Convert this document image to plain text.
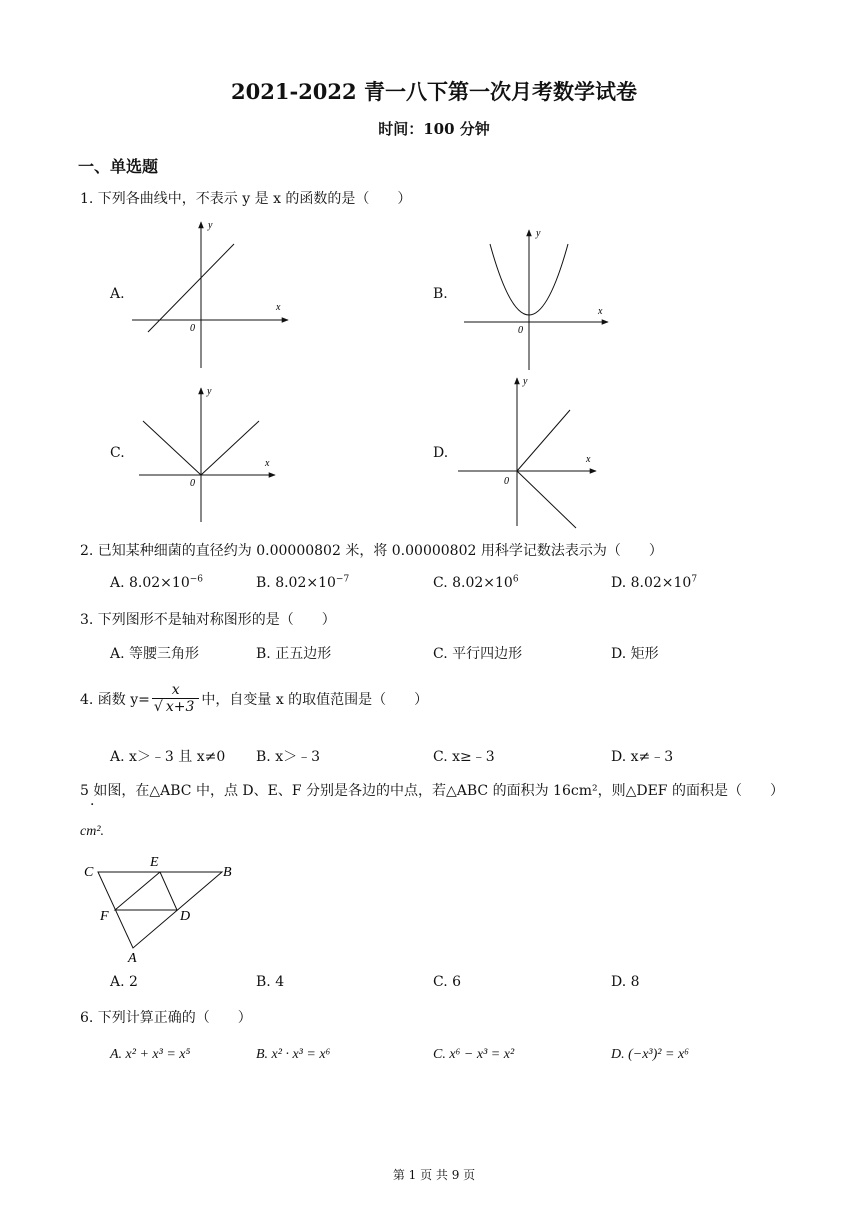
2021-2022 青一八下第一次月考数学试卷
时间：100 分钟
一、单选题
1. 下列各曲线中，不表示 y 是 x 的函数的是（　　）
A.
y
x
0
B.
y
x
0
C.
y
x
0
D.
y
x
0
2. 已知某种细菌的直径约为 0.00000802 米，将 0.00000802 用科学记数法表示为（　　）
A. $8.02\times 10^{-6}$	B. $8.02\times 10^{-7}$	C. $8.02\times 10^6$	D. $8.02\times 10^7$
3. 下列图形不是轴对称图形的是（　　）
A. 等腰三角形	B. 正五边形	C. 平行四边形	D. 矩形
4. 函数 $y= \frac{x}{√ x+3}$ 中，自变量 x 的取值范围是（　　）
A. x＞﹣3 且 x≠0 B. x＞﹣3	C. x≥﹣3	D. x≠﹣3
5 如图，在△ABC 中，点 D、E、F 分别是各边的中点，若△ABC 的面积为 16cm²，则△DEF 的面积是（　　）
·
cm².
C
E
B
F	D
A
A. 2	B. 4	C. 6	D. 8
6. 下列计算正确的（　　）
A. x² + x³ = x⁵	B. x² · x³ = x⁶	C. x⁶ − x³ = x²	D. (−x³)² = x⁶
第 1 页 共 9 页
